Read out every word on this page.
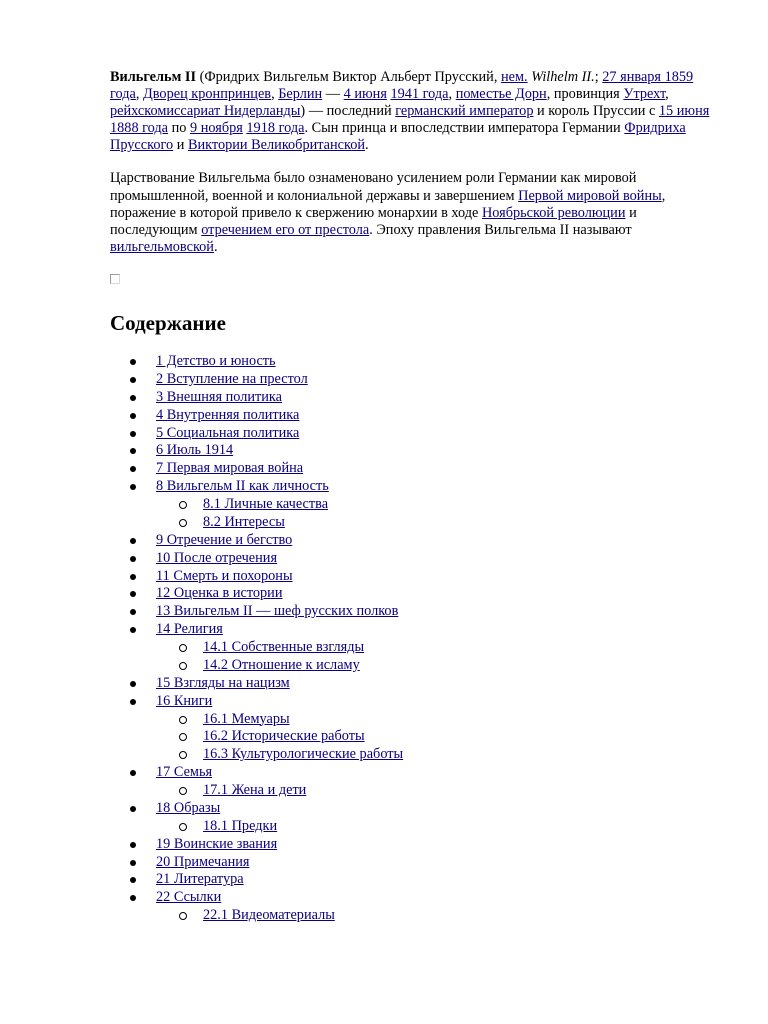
Вильгельм II (Фридрих Вильгельм Виктор Альберт Прусский, нем. Wilhelm II.; 27 января 1859 года, Дворец кронпринцев, Берлин — 4 июня 1941 года, поместье Дорн, провинция Утрехт, рейхскомиссариат Нидерланды) — последний германский император и король Пруссии с 15 июня 1888 года по 9 ноября 1918 года. Сын принца и впоследствии императора Германии Фридриха Прусского и Виктории Великобританской.

Царствование Вильгельма было ознаменовано усилением роли Германии как мировой промышленной, военной и колониальной державы и завершением Первой мировой войны, поражение в которой привело к свержению монархии в ходе Ноябрьской революции и последующим отречением его от престола. Эпоху правления Вильгельма II называют вильгельмовской.

Содержание
1 Детство и юность
2 Вступление на престол
3 Внешняя политика
4 Внутренняя политика
5 Социальная политика
6 Июль 1914
7 Первая мировая война
8 Вильгельм II как личность
8.1 Личные качества
8.2 Интересы
9 Отречение и бегство
10 После отречения
11 Смерть и похороны
12 Оценка в истории
13 Вильгельм II — шеф русских полков
14 Религия
14.1 Собственные взгляды
14.2 Отношение к исламу
15 Взгляды на нацизм
16 Книги
16.1 Мемуары
16.2 Исторические работы
16.3 Культурологические работы
17 Семья
17.1 Жена и дети
18 Образы
18.1 Предки
19 Воинские звания
20 Примечания
21 Литература
22 Ссылки
22.1 Видеоматериалы
